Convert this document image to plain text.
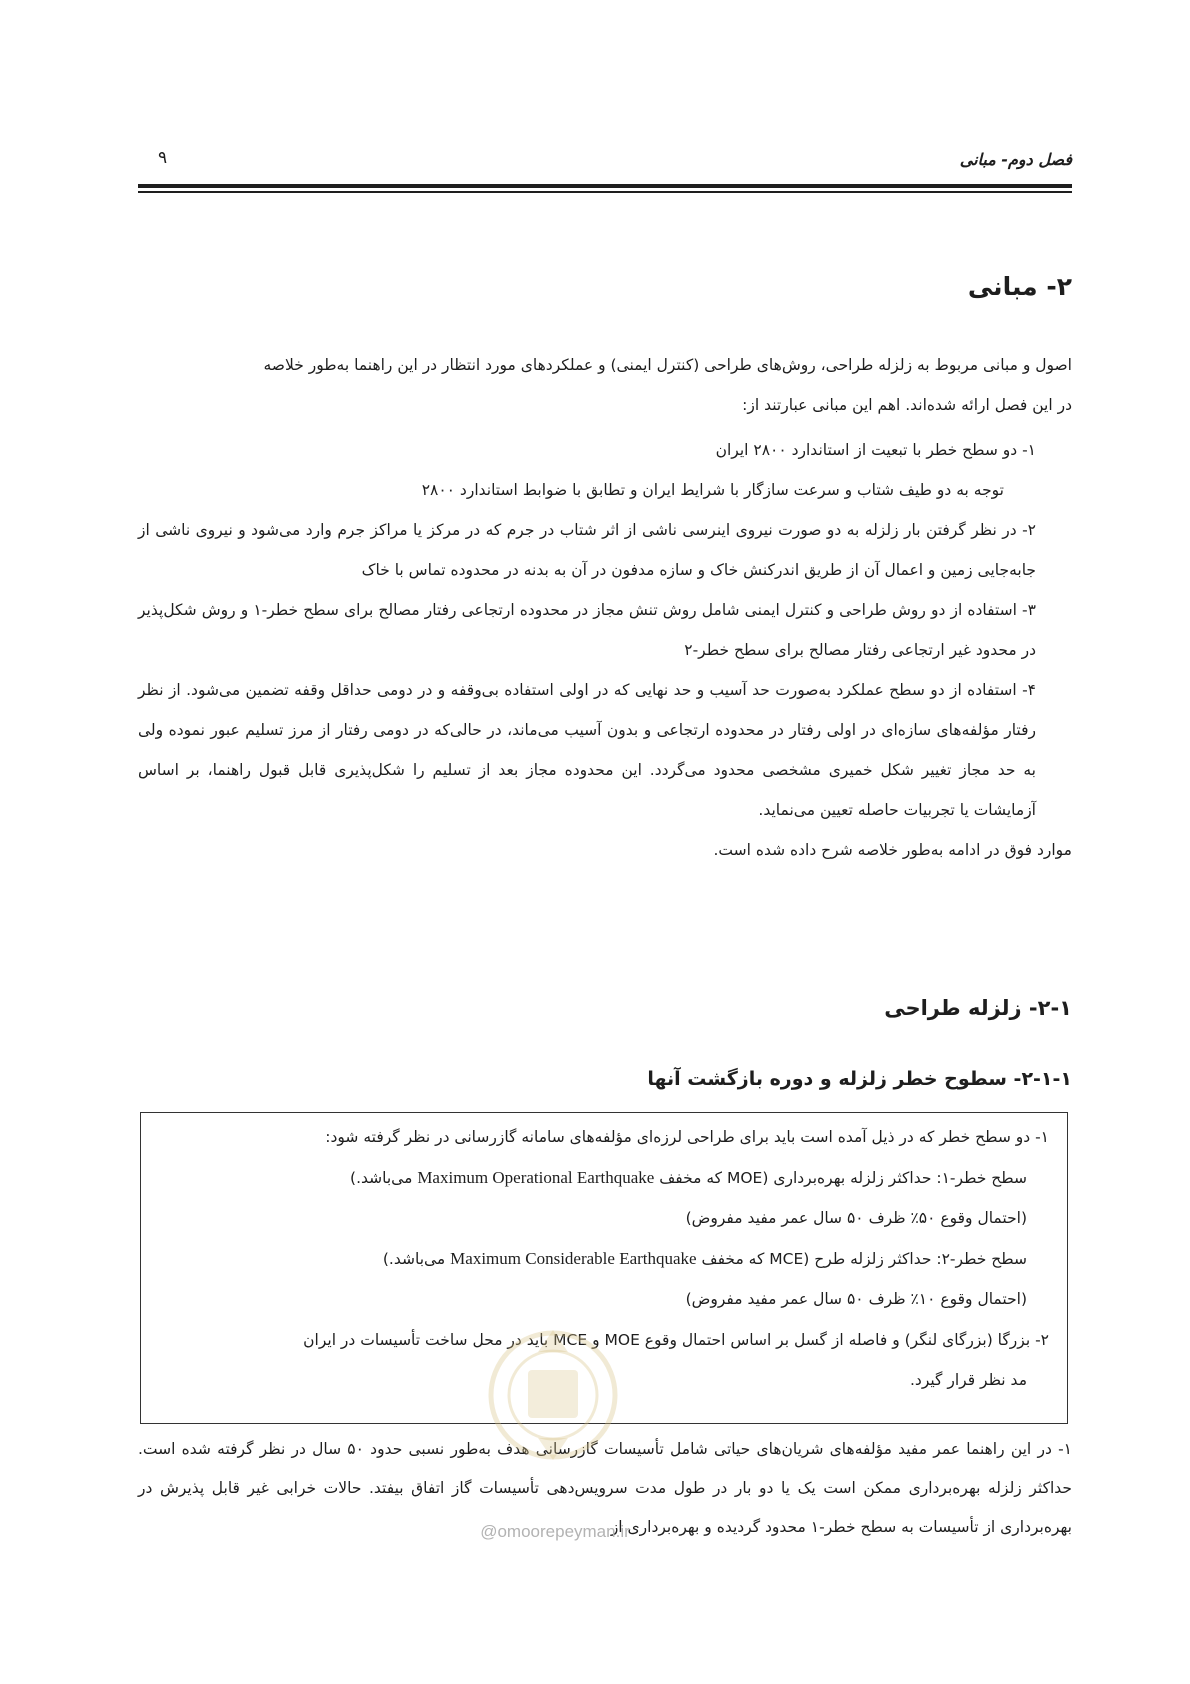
فصل دوم- مبانی
۹
۲- مبانی

اصول و مبانی مربوط به زلزله طراحی، روش‌های طراحی (کنترل ایمنی) و عملکردهای مورد انتظار در این راهنما به‌طور خلاصه

در این فصل ارائه شده‌اند. اهم این مبانی عبارتند از:

۱- دو سطح خطر با تبعیت از استاندارد ۲۸۰۰ ایران

توجه به دو طیف شتاب و سرعت سازگار با شرایط ایران و تطابق با ضوابط استاندارد ۲۸۰۰

۲- در نظر گرفتن بار زلزله به دو صورت نیروی اینرسی ناشی از اثر شتاب در جرم که در مرکز یا مراکز جرم وارد می‌شود و نیروی ناشی از جابه‌جایی زمین و اعمال آن از طریق اندرکنش خاک و سازه مدفون در آن به بدنه در محدوده تماس با خاک

۳- استفاده از دو روش طراحی و کنترل ایمنی شامل روش تنش مجاز در محدوده ارتجاعی رفتار مصالح برای سطح خطر-۱ و روش شکل‌پذیر در محدود غیر ارتجاعی رفتار مصالح برای سطح خطر-۲

۴- استفاده از دو سطح عملکرد به‌صورت حد آسیب و حد نهایی که در اولی استفاده بی‌وقفه و در دومی حداقل وقفه تضمین می‌شود. از نظر رفتار مؤلفه‌های سازه‌ای در اولی رفتار در محدوده ارتجاعی و بدون آسیب می‌ماند، در حالی‌که در دومی رفتار از مرز تسلیم عبور نموده ولی به حد مجاز تغییر شکل خمیری مشخصی محدود می‌گردد. این محدوده مجاز بعد از تسلیم را شکل‌پذیری قابل قبول راهنما، بر اساس آزمایشات یا تجربیات حاصله تعیین می‌نماید.

موارد فوق در ادامه به‌طور خلاصه شرح داده شده است.

۲-۱- زلزله طراحی
۲-۱-۱- سطوح خطر زلزله و دوره بازگشت آنها

۱- دو سطح خطر که در ذیل آمده است باید برای طراحی لرزه‌ای مؤلفه‌های سامانه گازرسانی در نظر گرفته شود:

سطح خطر-۱: حداکثر زلزله بهره‌برداری (MOE که مخفف Maximum Operational Earthquake می‌باشد.)

(احتمال وقوع ۵۰٪ ظرف ۵۰ سال عمر مفید مفروض)

سطح خطر-۲: حداکثر زلزله طرح (MCE که مخفف Maximum Considerable Earthquake می‌باشد.)

(احتمال وقوع ۱۰٪ ظرف ۵۰ سال عمر مفید مفروض)

۲- بزرگا (بزرگای لنگر) و فاصله از گسل بر اساس احتمال وقوع MOE و MCE باید در محل ساخت تأسیسات در ایران

مد نظر قرار گیرد.

۱- در این راهنما عمر مفید مؤلفه‌های شریان‌های حیاتی شامل تأسیسات گازرسانی هدف به‌طور نسبی حدود ۵۰ سال در نظر گرفته شده است. حداکثر زلزله بهره‌برداری ممکن است یک یا دو بار در طول مدت سرویس‌دهی تأسیسات گاز اتفاق بیفتد. حالات خرابی غیر قابل پذیرش در بهره‌برداری از تأسیسات به سطح خطر-۱ محدود گردیده و بهره‌برداری از

@omoorepeyman.ir
